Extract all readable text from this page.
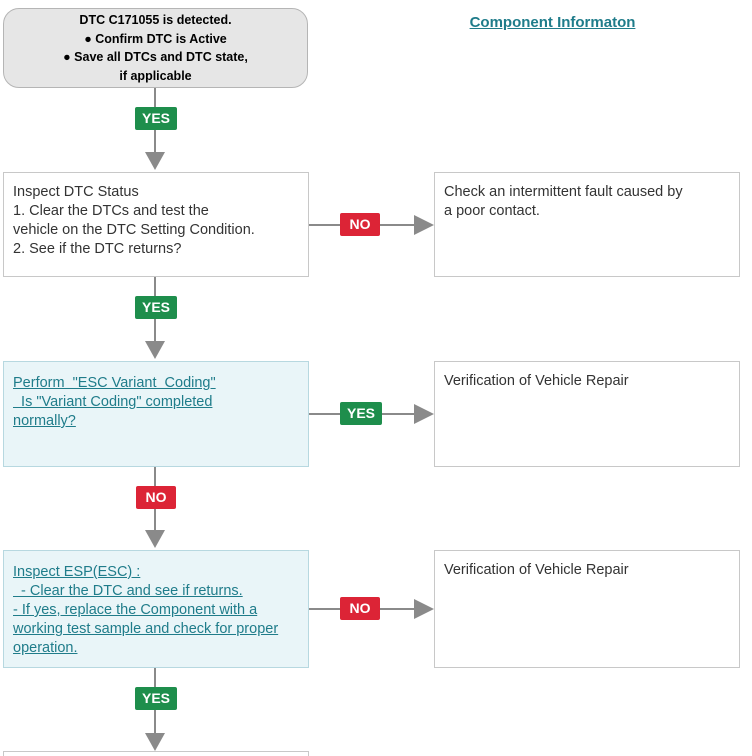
DTC C171055 is detected.
● Confirm DTC is Active
● Save all DTCs and DTC state,
if applicable
Component Informaton
YES
Inspect DTC Status
1. Clear the DTCs and test the
vehicle on the DTC Setting Condition.
2. See if the DTC returns?
NO
Check an intermittent fault caused by
a poor contact.
YES
Perform  "ESC Variant  Coding"
Is "Variant Coding" completed
normally?	YES
Verification of Vehicle Repair
NO
Inspect ESP(ESC) :
- Clear the DTC and see if returns.
- If yes, replace the Component with a
working test sample and check for proper
operation.
NO
Verification of Vehicle Repair
YES
